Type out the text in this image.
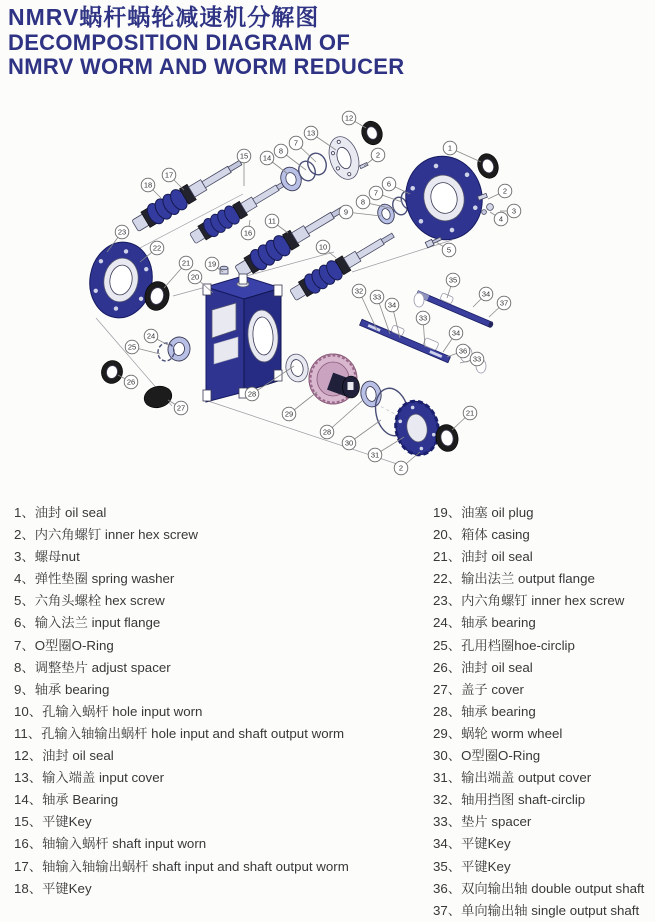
NMRV蜗杆蜗轮减速机分解图
DECOMPOSITION DIAGRAM OF
NMRV WORM AND WORM REDUCER
1
2
2
3
4
5
6
7
8
9
10
11
12
13
7
8
14
15
16
17
18
19
20
21
22
23
24
25
26
27
28
29
28
30
31
2
21
32
33
34
33
34
36
33
35
34
37
1、油封 oil seal
2、内六角螺钉 inner hex screw
3、螺母nut
4、弹性垫圈 spring washer
5、六角头螺栓 hex screw
6、输入法兰 input flange
7、O型圈O-Ring
8、调整垫片 adjust spacer
9、轴承 bearing
10、孔输入蜗杆 hole input worn
11、孔输入轴输出蜗杆 hole input and shaft output worm
12、油封 oil seal
13、输入端盖 input cover
14、轴承 Bearing
15、平键Key
16、轴输入蜗杆 shaft input worn
17、轴输入轴输出蜗杆 shaft input and shaft output worm
18、平键Key
19、油塞 oil plug
20、箱体 casing
21、油封 oil seal
22、输出法兰 output flange
23、内六角螺钉 inner hex screw
24、轴承 bearing
25、孔用档圈hoe-circlip
26、油封 oil seal
27、盖子 cover
28、轴承 bearing
29、蜗轮 worm wheel
30、O型圈O-Ring
31、输出端盖 output cover
32、轴用挡图 shaft-circlip
33、垫片 spacer
34、平键Key
35、平键Key
36、双向输出轴 double output shaft
37、单向输出轴 single output shaft
